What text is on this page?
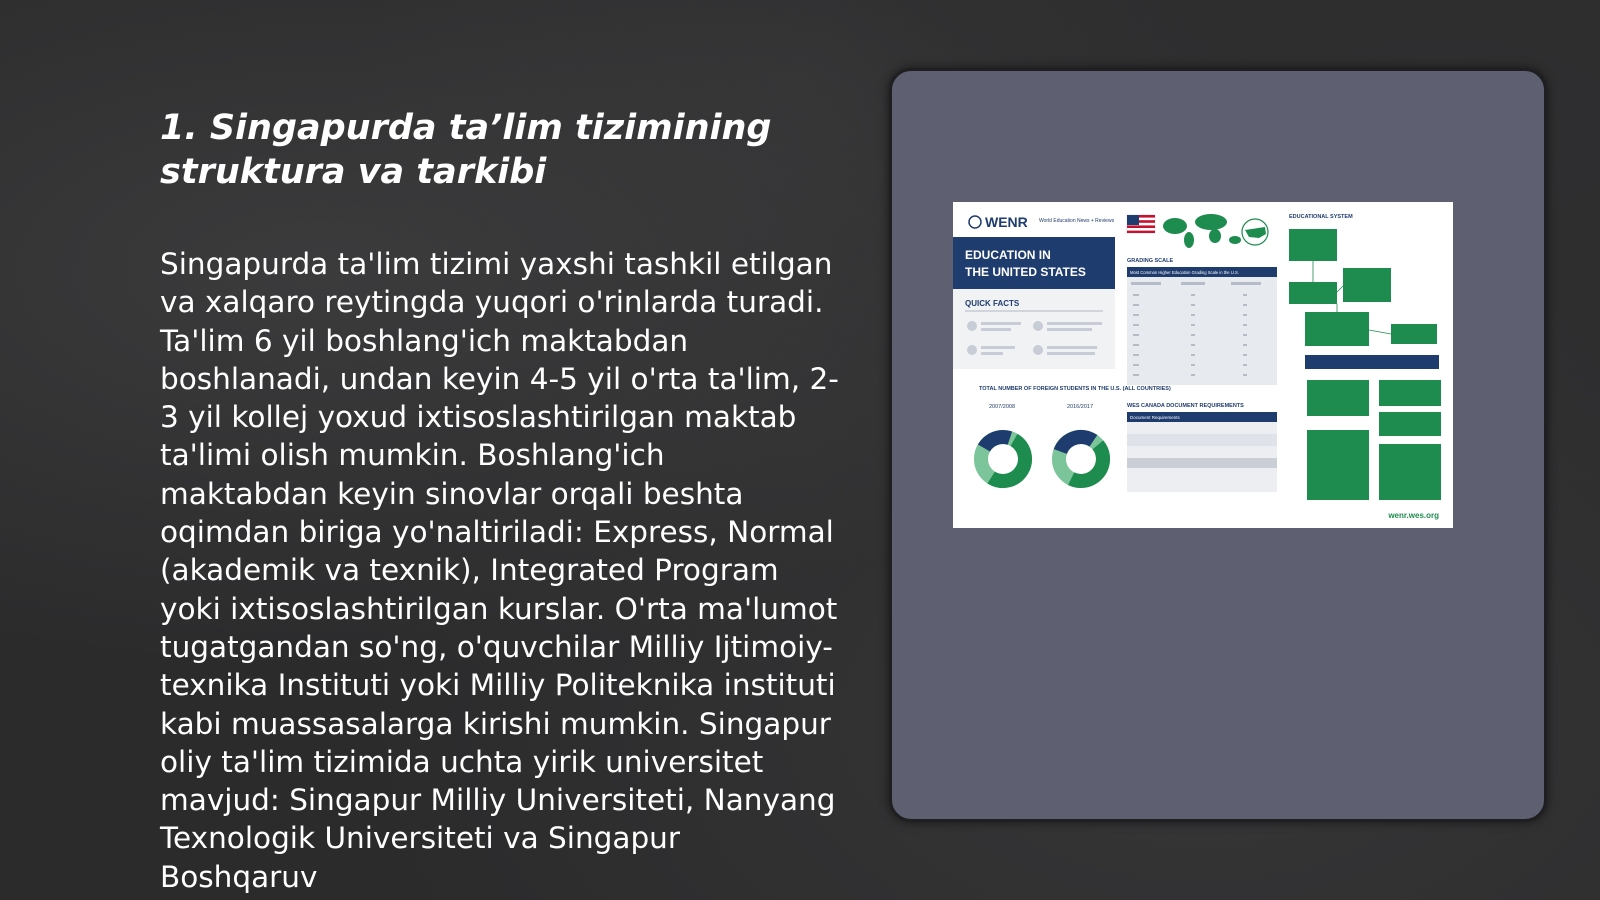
1. Singapurda ta’lim tizimining struktura va tarkibi

Singapurda ta'lim tizimi yaxshi tashkil etilgan va xalqaro reytingda yuqori o'rinlarda turadi. Ta'lim 6 yil boshlang'ich maktabdan boshlanadi, undan keyin 4-5 yil o'rta ta'lim, 2-3 yil kollej yoxud ixtisoslashtirilgan maktab ta'limi olish mumkin. Boshlang'ich maktabdan keyin sinovlar orqali beshta oqimdan biriga yo'naltiriladi: Express, Normal (akademik va texnik), Integrated Program yoki ixtisoslashtirilgan kurslar. O'rta ma'lumot tugatgandan so'ng, o'quvchilar Milliy Ijtimoiy-texnika Instituti yoki Milliy Politeknika instituti kabi muassasalarga kirishi mumkin. Singapur oliy ta'lim tizimida uchta yirik universitet mavjud: Singapur Milliy Universiteti, Nanyang Texnologik Universiteti va Singapur Boshqaruv

WENR World Education News + Reviews
EDUCATION IN
THE UNITED STATES
QUICK FACTS
TOTAL NUMBER OF FOREIGN STUDENTS IN THE U.S. (ALL COUNTRIES)
2007/2008	2016/2017
GRADING SCALE
Most Common Higher Education Grading Scale in the U.S.
WES CANADA DOCUMENT REQUIREMENTS
Document Requirements
EDUCATIONAL SYSTEM
wenr.wes.org
